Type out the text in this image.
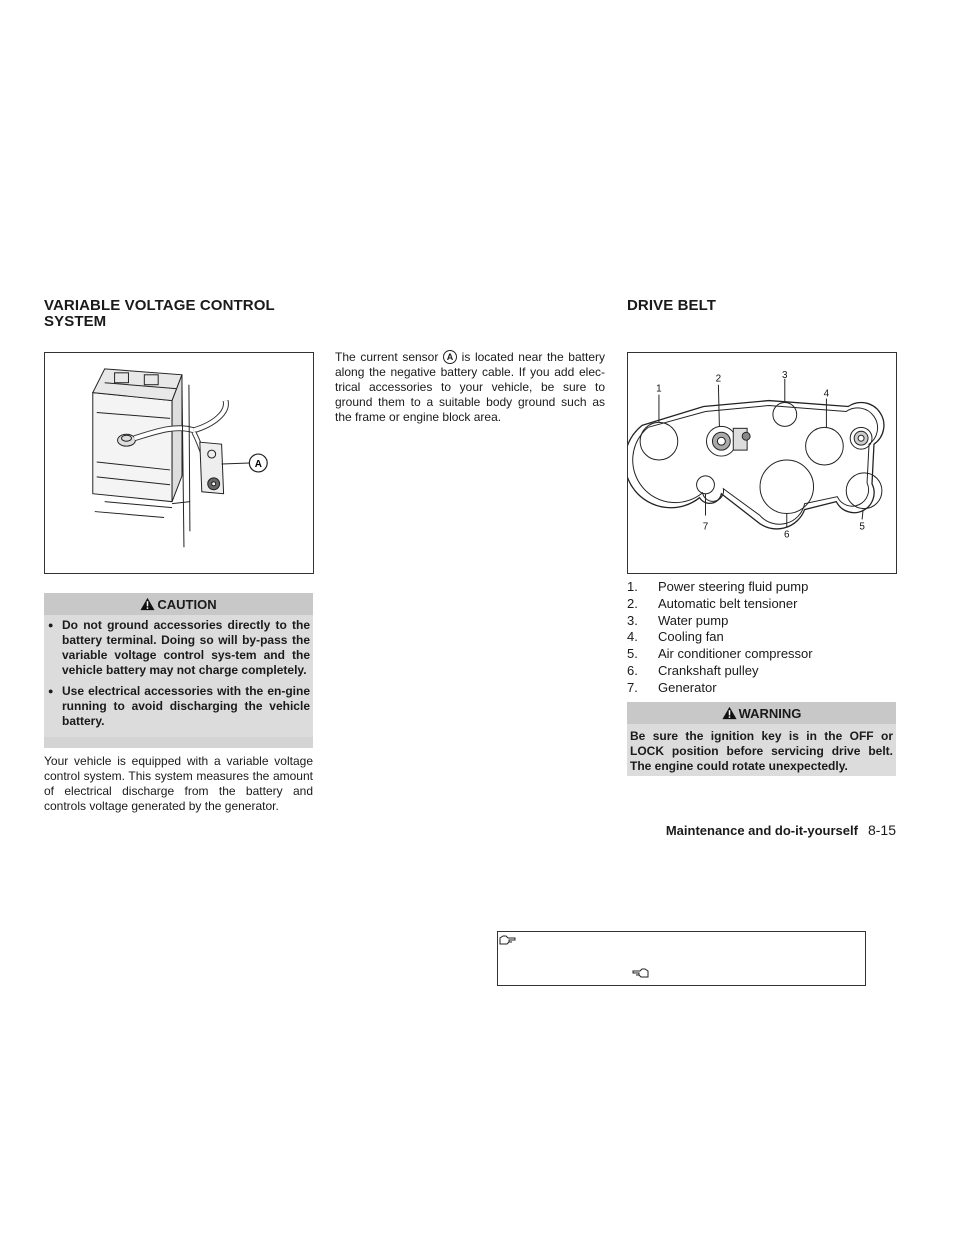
VARIABLE VOLTAGE CONTROL SYSTEM
A
CAUTION
● Do not ground accessories directly to the battery terminal. Doing so will by-pass the variable voltage control sys-tem and the vehicle battery may not charge completely.
● Use electrical accessories with the en-gine running to avoid discharging the vehicle battery.

Your vehicle is equipped with a variable voltage control system. This system measures the amount of electrical discharge from the battery and controls voltage generated by the generator.

The current sensor A is located near the battery along the negative battery cable. If you add elec-trical accessories to your vehicle, be sure to ground them to a suitable body ground such as the frame or engine block area.

DRIVE BELT
1
2	3
4
5
6
7
1.	Power steering fluid pump
2.	Automatic belt tensioner
3.	Water pump
4.	Cooling fan
5.	Air conditioner compressor
6.	Crankshaft pulley
7.	Generator
WARNING
Be sure the ignition key is in the OFF or LOCK position before servicing drive belt. The engine could rotate unexpectedly.
Maintenance and do-it-yourself 8-15
